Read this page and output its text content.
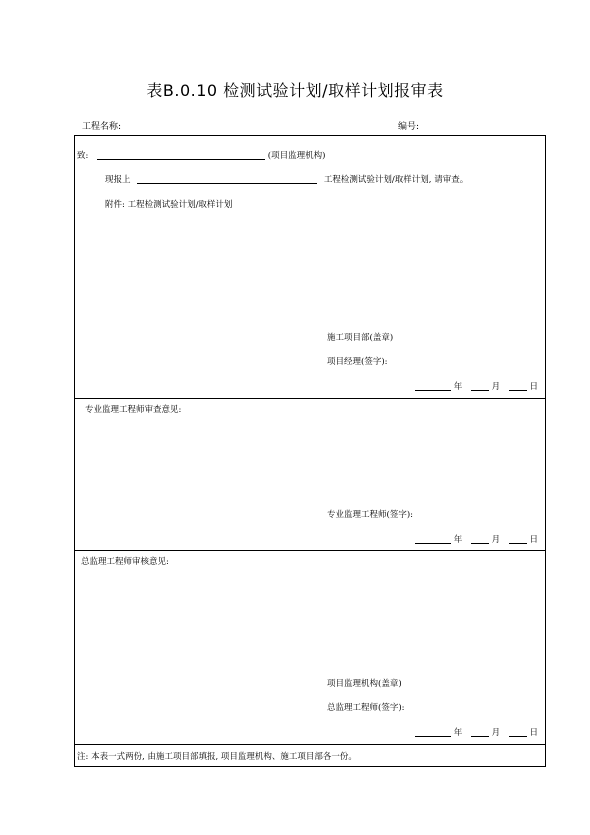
表B.0.10 检测试验计划/取样计划报审表
工程名称:	编号:
致:	(项目监理机构)
现报上	工程检测试验计划/取样计划, 请审查。
附件: 工程检测试验计划/取样计划
施工项目部(盖章)
项目经理(签字):
年	月	日
专业监理工程师审查意见:
专业监理工程师(签字):
年	月	日
总监理工程师审核意见:
项目监理机构(盖章)
总监理工程师(签字):
年	月	日
注: 本表一式两份, 由施工项目部填报, 项目监理机构、施工项目部各一份。
